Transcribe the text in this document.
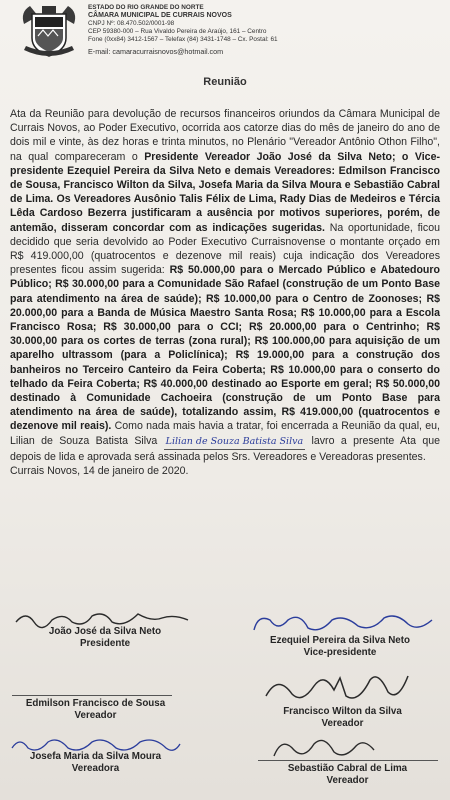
ESTADO DO RIO GRANDE DO NORTE
CÂMARA MUNICIPAL DE CURRAIS NOVOS
CNPJ Nº: 08.470.502/0001-98
CEP 59380-000 – Rua Vivaldo Pereira de Araújo, 161 – Centro
Fone (0xx84) 3412-1567 – Telefax (84) 3431-1748 – Cx. Postal: 61
E-mail: camaracurraisnovos@hotmail.com
Reunião
Ata da Reunião para devolução de recursos financeiros oriundos da Câmara Municipal de Currais Novos, ao Poder Executivo, ocorrida aos catorze dias do mês de janeiro do ano de dois mil e vinte, às dez horas e trinta minutos, no Plenário "Vereador Antônio Othon Filho", na qual compareceram o Presidente Vereador João José da Silva Neto; o Vice-presidente Ezequiel Pereira da Silva Neto e demais Vereadores: Edmilson Francisco de Sousa, Francisco Wilton da Silva, Josefa Maria da Silva Moura e Sebastião Cabral de Lima. Os Vereadores Ausônio Talis Félix de Lima, Rady Dias de Medeiros e Tércia Lêda Cardoso Bezerra justificaram a ausência por motivos superiores, porém, de antemão, disseram concordar com as indicações sugeridas. Na oportunidade, ficou decidido que seria devolvido ao Poder Executivo Curraisnovense o montante orçado em R$ 419.000,00 (quatrocentos e dezenove mil reais) cuja indicação dos Vereadores presentes ficou assim sugerida: R$ 50.000,00 para o Mercado Público e Abatedouro Público; R$ 30.000,00 para a Comunidade São Rafael (construção de um Ponto Base para atendimento na área de saúde); R$ 10.000,00 para o Centro de Zoonoses; R$ 20.000,00 para a Banda de Música Maestro Santa Rosa; R$ 10.000,00 para a Escola Francisco Rosa; R$ 30.000,00 para o CCI; R$ 20.000,00 para o Centrinho; R$ 30.000,00 para os cortes de terras (zona rural); R$ 100.000,00 para aquisição de um aparelho ultrassom (para a Policlínica); R$ 19.000,00 para a construção dos banheiros no Terceiro Canteiro da Feira Coberta; R$ 10.000,00 para o conserto do telhado da Feira Coberta; R$ 40.000,00 destinado ao Esporte em geral; R$ 50.000,00 destinado à Comunidade Cachoeira (construção de um Ponto Base para atendimento na área de saúde), totalizando assim, R$ 419.000,00 (quatrocentos e dezenove mil reais). Como nada mais havia a tratar, foi encerrada a Reunião da qual, eu, Lilian de Souza Batista Silva Lilian de Souza Batista Silva lavro a presente Ata que depois de lida e aprovada será assinada pelos Srs. Vereadores e Vereadoras presentes.
Currais Novos, 14 de janeiro de 2020.
João José da Silva Neto
Presidente	Ezequiel Pereira da Silva Neto
Vice-presidente
Edmilson Francisco de Sousa
Vereador	Francisco Wilton da Silva
Vereador
Josefa Maria da Silva Moura
Vereadora	Sebastião Cabral de Lima
Vereador
